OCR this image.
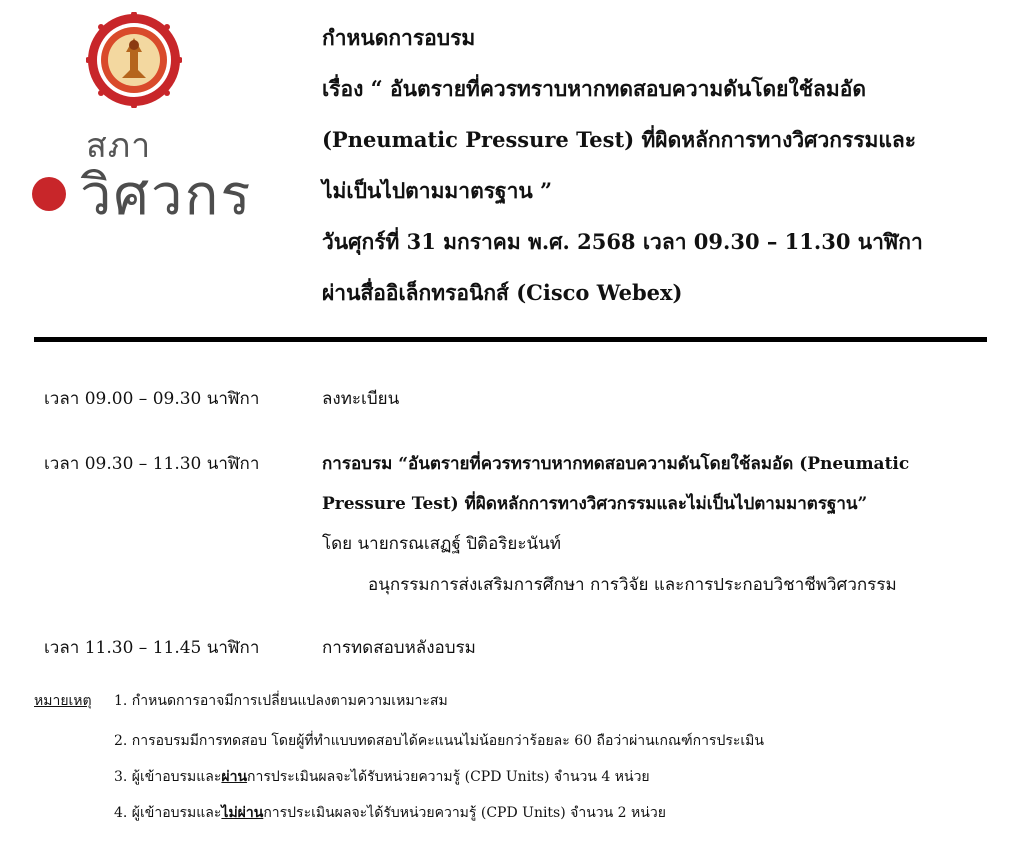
สภา
วิศวกร
กำหนดการอบรม
เรื่อง “ อันตรายที่ควรทราบหากทดสอบความดันโดยใช้ลมอัด
(Pneumatic Pressure Test) ที่ผิดหลักการทางวิศวกรรมและ
ไม่เป็นไปตามมาตรฐาน ”
วันศุกร์ที่ 31 มกราคม พ.ศ. 2568 เวลา 09.30 – 11.30 นาฬิกา
ผ่านสื่ออิเล็กทรอนิกส์ (Cisco Webex)
เวลา 09.00 – 09.30 นาฬิกา	ลงทะเบียน
เวลา 09.30 – 11.30 นาฬิกา	การอบรม “อันตรายที่ควรทราบหากทดสอบความดันโดยใช้ลมอัด (Pneumatic
Pressure Test) ที่ผิดหลักการทางวิศวกรรมและไม่เป็นไปตามมาตรฐาน”
โดย นายกรณเสฏฐ์ ปิติอริยะนันท์
อนุกรรมการส่งเสริมการศึกษา การวิจัย และการประกอบวิชาชีพวิศวกรรม
เวลา 11.30 – 11.45 นาฬิกา	การทดสอบหลังอบรม
หมายเหตุ 1. กำหนดการอาจมีการเปลี่ยนแปลงตามความเหมาะสม
2. การอบรมมีการทดสอบ โดยผู้ที่ทำแบบทดสอบได้คะแนนไม่น้อยกว่าร้อยละ 60 ถือว่าผ่านเกณฑ์การประเมิน
3. ผู้เข้าอบรมและผ่านการประเมินผลจะได้รับหน่วยความรู้ (CPD Units) จำนวน 4 หน่วย
4. ผู้เข้าอบรมและไม่ผ่านการประเมินผลจะได้รับหน่วยความรู้ (CPD Units) จำนวน 2 หน่วย
